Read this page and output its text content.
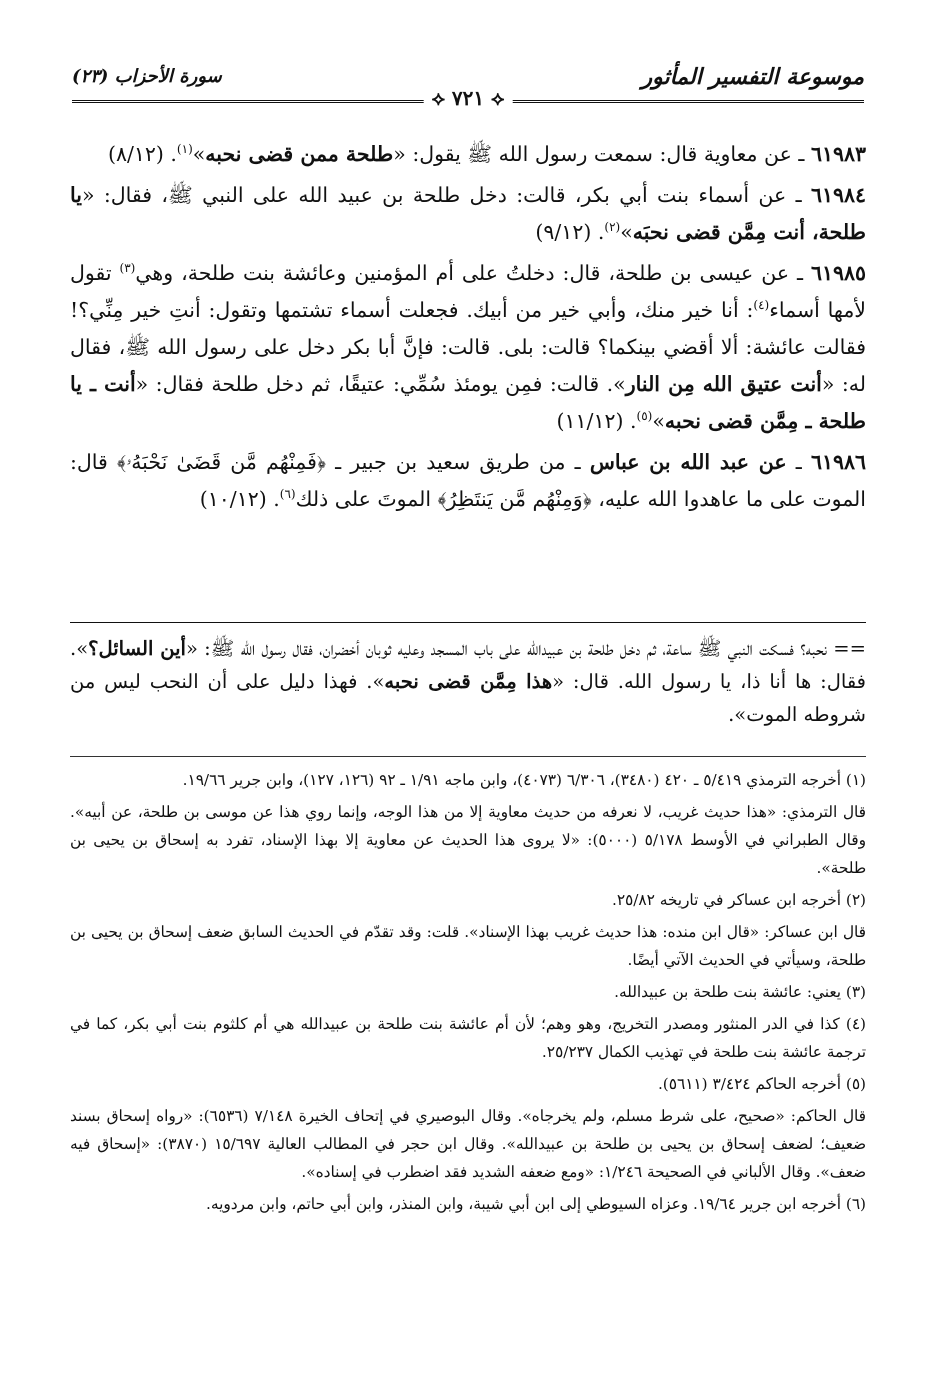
موسوعة التفسير المأثور
سورة الأحزاب (٢٣)
⟡ ٧٢١ ⟡

٦١٩٨٣ ـ عن معاوية قال: سمعت رسول الله ﷺ يقول: «طلحة ممن قضى نحبه»$^{(١)}$. (٨/١٢)

٦١٩٨٤ ـ عن أسماء بنت أبي بكر، قالت: دخل طلحة بن عبيد الله على النبي ﷺ، فقال: «يا طلحة، أنت مِمَّن قضى نحبَه»$^{(٢)}$. (٩/١٢)

٦١٩٨٥ ـ عن عيسى بن طلحة، قال: دخلتُ على أم المؤمنين وعائشة بنت طلحة، وهي$^{(٣)}$ تقول لأمها أسماء$^{(٤)}$: أنا خير منك، وأبي خير من أبيك. فجعلت أسماء تشتمها وتقول: أنتِ خير مِنِّي؟! فقالت عائشة: ألا أقضي بينكما؟ قالت: بلى. قالت: فإنَّ أبا بكر دخل على رسول الله ﷺ، فقال له: «أنت عتيق الله مِن النار». قالت: فمِن يومئذ سُمِّي: عتيقًا، ثم دخل طلحة فقال: «أنت ـ يا طلحة ـ مِمَّن قضى نحبه»$^{(٥)}$. (١١/١٢)

٦١٩٨٦ ـ عن عبد الله بن عباس ـ من طريق سعيد بن جبير ـ ﴿فَمِنْهُم مَّن قَضَىٰ نَحْبَهُۥ﴾ قال: الموت على ما عاهدوا الله عليه، ﴿وَمِنْهُم مَّن يَنتَظِرُ﴾ الموتَ على ذلك$^{(٦)}$. (١٠/١٢)

== نحبه؟ فسكت النبي ﷺ ساعة، ثم دخل طلحة بن عبيدالله على باب المسجد وعليه ثوبان أخضران، فقال رسول الله ﷺ: «أين السائل؟». فقال: ها أنا ذا، يا رسول الله. قال: «هذا مِمَّن قضى نحبه». فهذا دليل على أن النحب ليس من شروطه الموت».

(١) أخرجه الترمذي ٥/٤١٩ ـ ٤٢٠ (٣٤٨٠)، ٦/٣٠٦ (٤٠٧٣)، وابن ماجه ١/٩١ ـ ٩٢ (١٢٦، ١٢٧)، وابن جرير ١٩/٦٦.

قال الترمذي: «هذا حديث غريب، لا نعرفه من حديث معاوية إلا من هذا الوجه، وإنما روي هذا عن موسى بن طلحة، عن أبيه». وقال الطبراني في الأوسط ٥/١٧٨ (٥٠٠٠): «لا يروى هذا الحديث عن معاوية إلا بهذا الإسناد، تفرد به إسحاق بن يحيى بن طلحة».

(٢) أخرجه ابن عساكر في تاريخه ٢٥/٨٢.

قال ابن عساكر: «قال ابن منده: هذا حديث غريب بهذا الإسناد». قلت: وقد تقدّم في الحديث السابق ضعف إسحاق بن يحيى بن طلحة، وسيأتي في الحديث الآتي أيضًا.

(٣) يعني: عائشة بنت طلحة بن عبيدالله.

(٤) كذا في الدر المنثور ومصدر التخريج، وهو وهم؛ لأن أم عائشة بنت طلحة بن عبيدالله هي أم كلثوم بنت أبي بكر، كما في ترجمة عائشة بنت طلحة في تهذيب الكمال ٢٥/٢٣٧.

(٥) أخرجه الحاكم ٣/٤٢٤ (٥٦١١).

قال الحاكم: «صحيح، على شرط مسلم، ولم يخرجاه». وقال البوصيري في إتحاف الخيرة ٧/١٤٨ (٦٥٣٦): «رواه إسحاق بسند ضعيف؛ لضعف إسحاق بن يحيى بن طلحة بن عبيدالله». وقال ابن حجر في المطالب العالية ١٥/٦٩٧ (٣٨٧٠): «إسحاق فيه ضعف». وقال الألباني في الصحيحة ١/٢٤٦: «ومع ضعفه الشديد فقد اضطرب في إسناده».

(٦) أخرجه ابن جرير ١٩/٦٤. وعزاه السيوطي إلى ابن أبي شيبة، وابن المنذر، وابن أبي حاتم، وابن مردويه.
